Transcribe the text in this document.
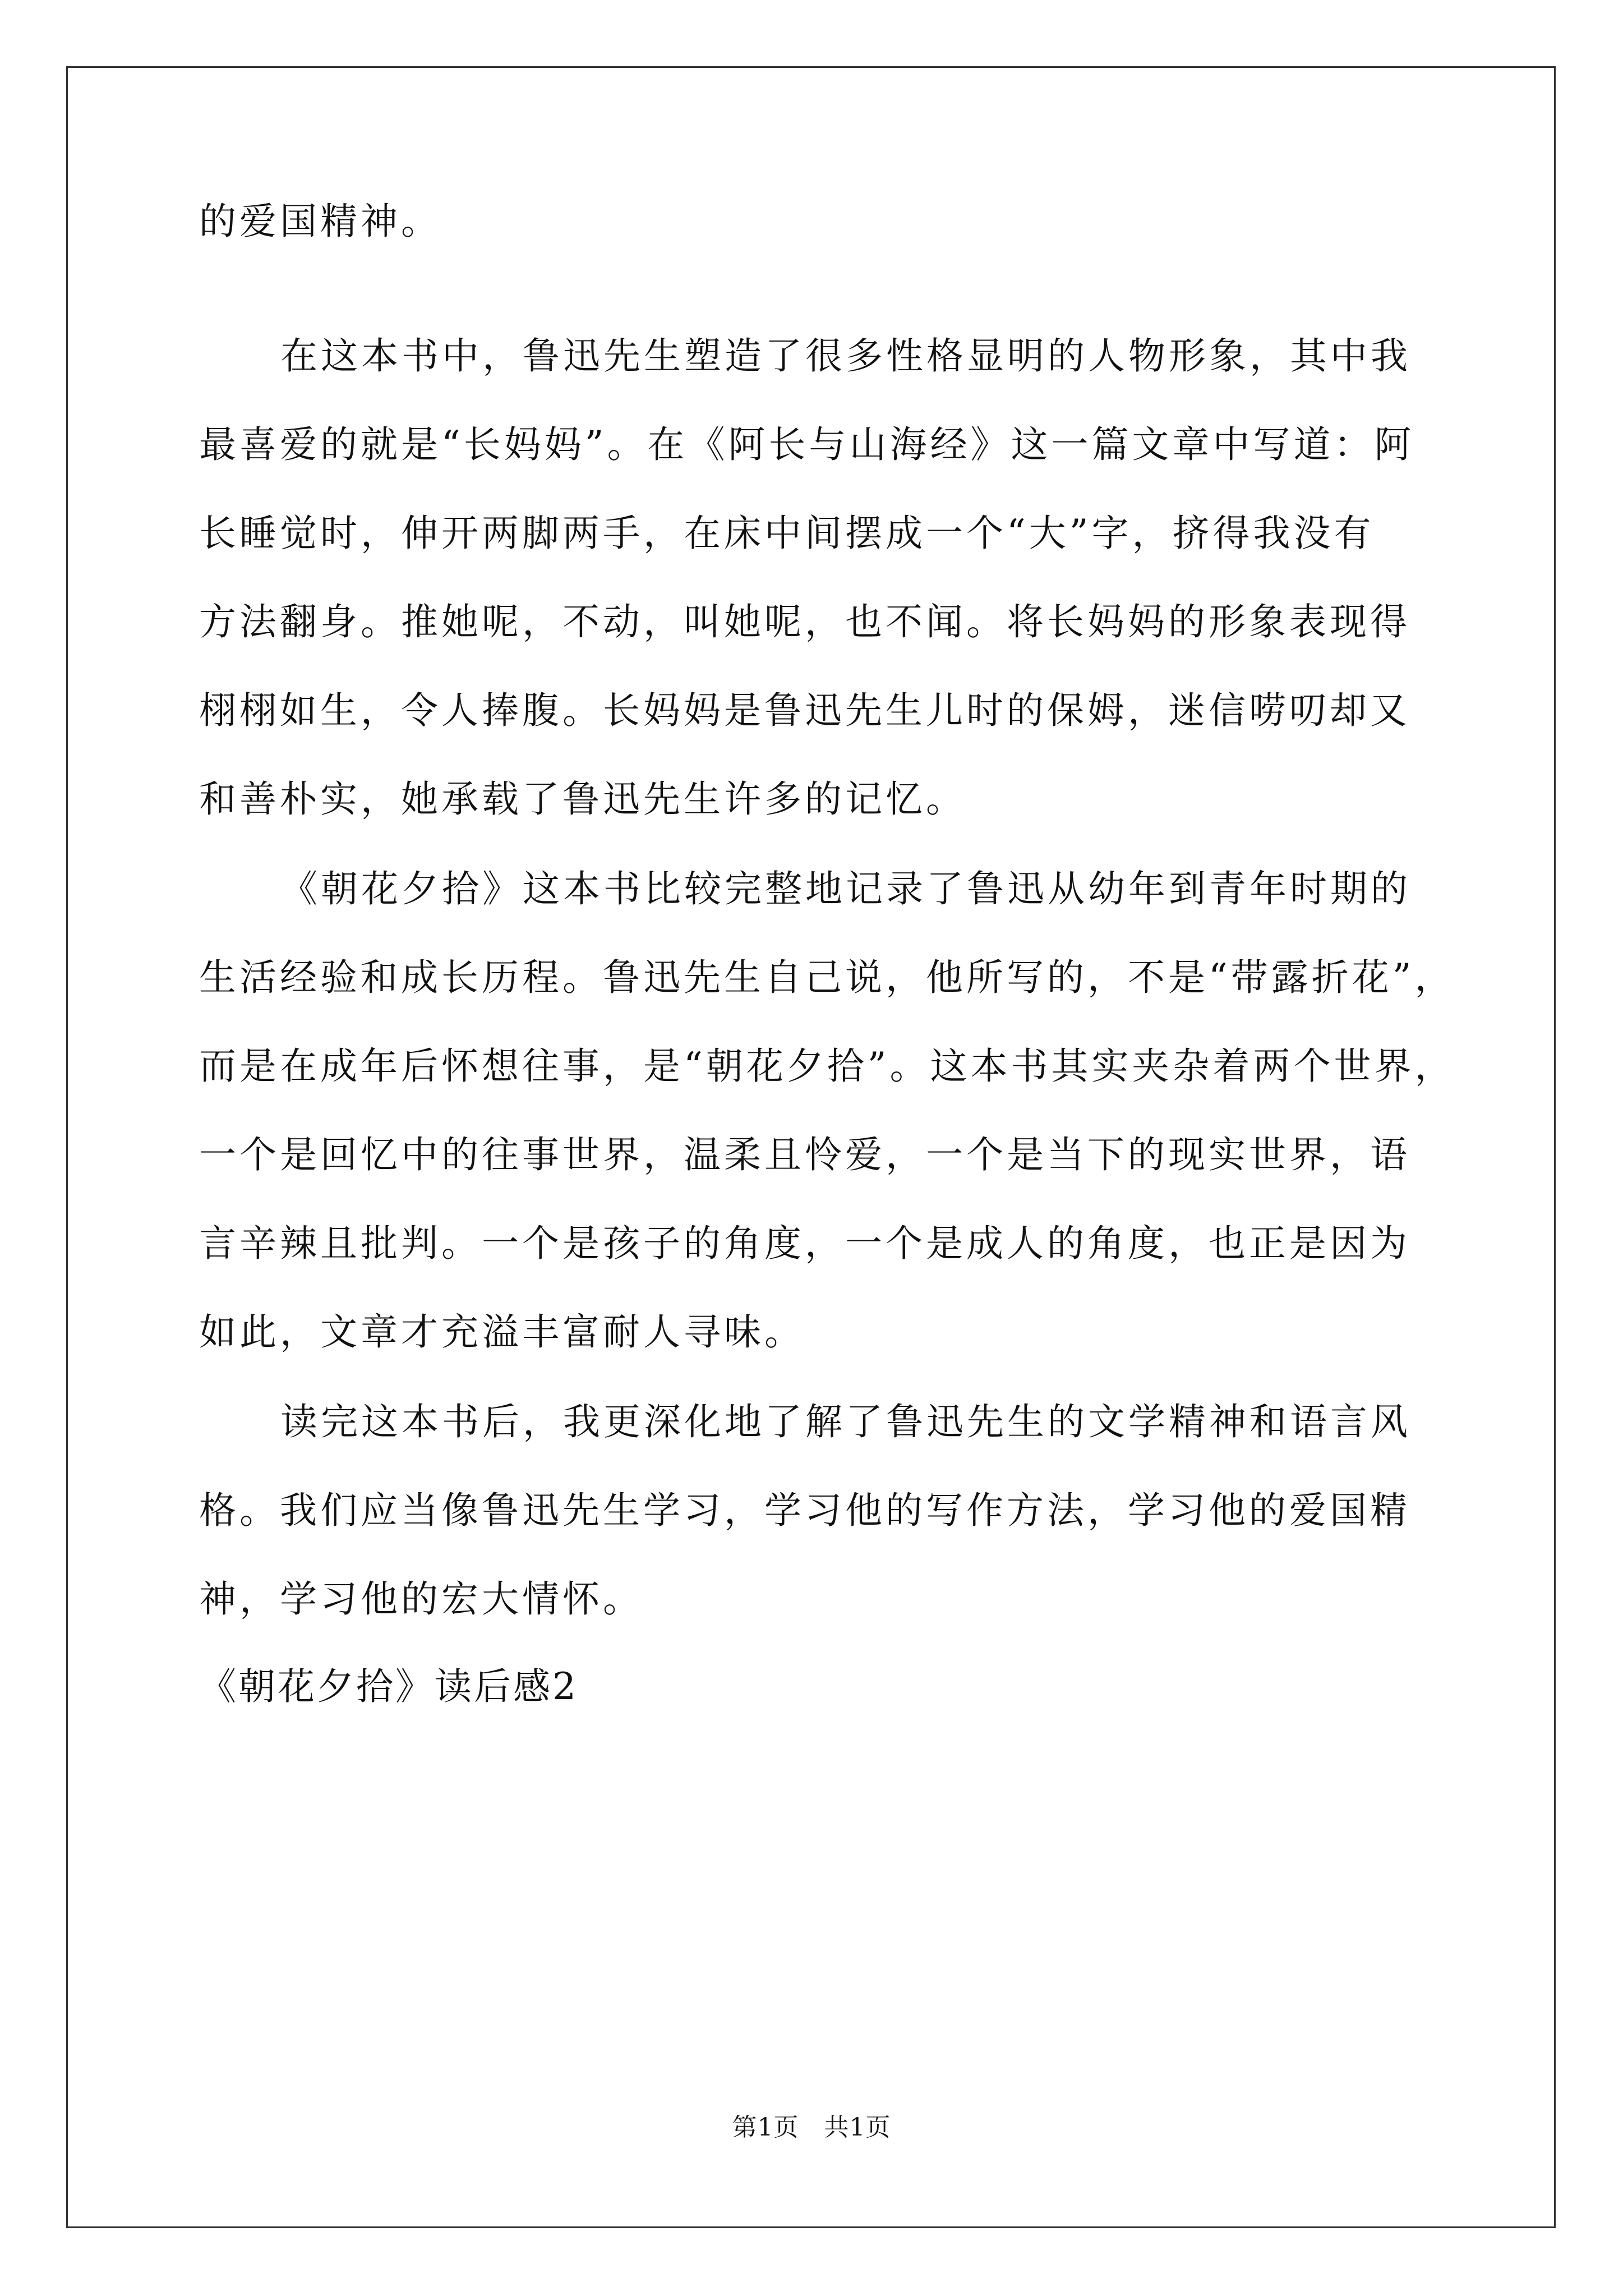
的爱国精神。
在这本书中，鲁迅先生塑造了很多性格显明的人物形象，其中我
最喜爱的就是“长妈妈”。在《阿长与山海经》这一篇文章中写道：阿
长睡觉时，伸开两脚两手，在床中间摆成一个“大”字，挤得我没有
方法翻身。推她呢，不动，叫她呢，也不闻。将长妈妈的形象表现得
栩栩如生，令人捧腹。长妈妈是鲁迅先生儿时的保姆，迷信唠叨却又
和善朴实，她承载了鲁迅先生许多的记忆。
《朝花夕拾》这本书比较完整地记录了鲁迅从幼年到青年时期的
生活经验和成长历程。鲁迅先生自己说，他所写的，不是“带露折花”，
而是在成年后怀想往事，是“朝花夕拾”。这本书其实夹杂着两个世界，
一个是回忆中的往事世界，温柔且怜爱，一个是当下的现实世界，语
言辛辣且批判。一个是孩子的角度，一个是成人的角度，也正是因为
如此，文章才充溢丰富耐人寻味。
读完这本书后，我更深化地了解了鲁迅先生的文学精神和语言风
格。我们应当像鲁迅先生学习，学习他的写作方法，学习他的爱国精
神，学习他的宏大情怀。
《朝花夕拾》读后感2
第1页　共1页
